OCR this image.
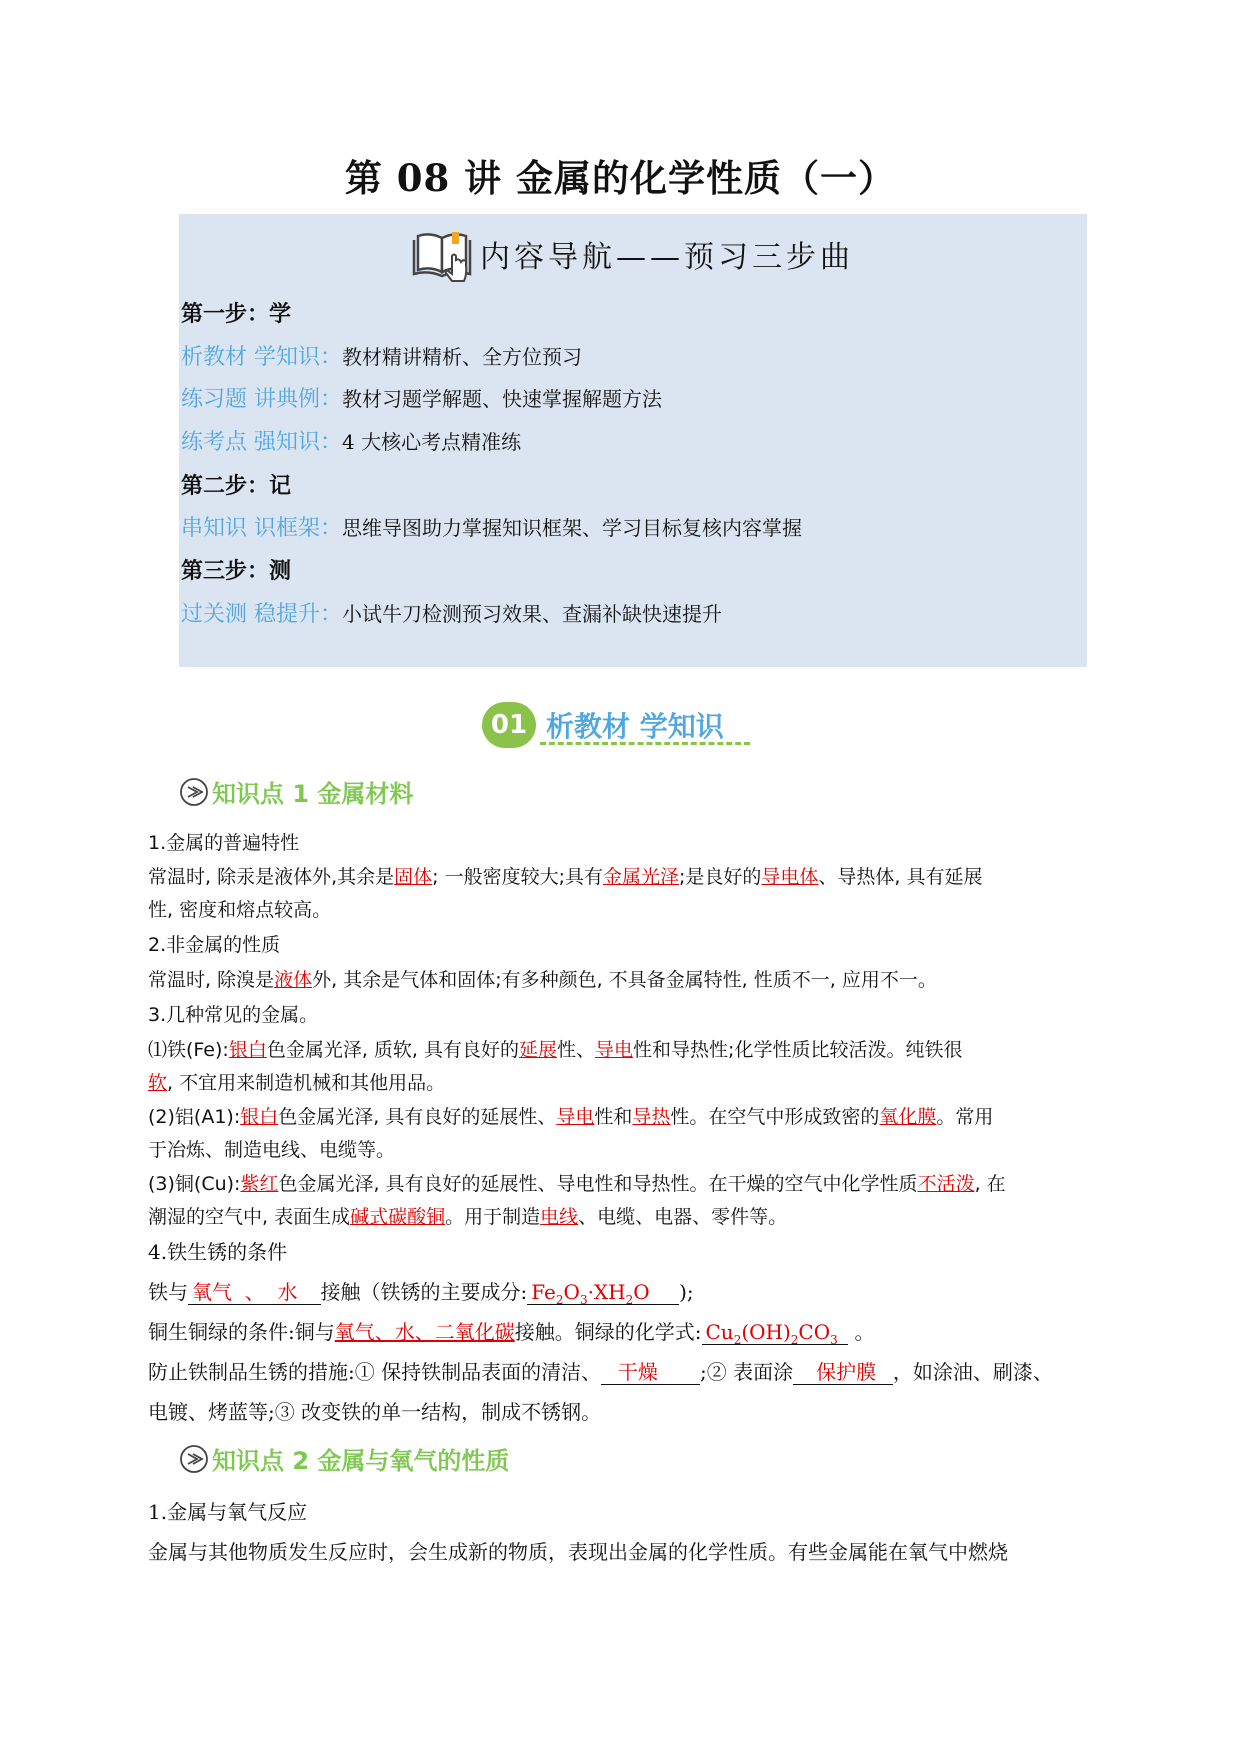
第 08 讲 金属的化学性质（一）
内容导航——预习三步曲
第一步：学
析教材 学知识：教材精讲精析、全方位预习
练习题 讲典例：教材习题学解题、快速掌握解题方法
练考点 强知识：4 大核心考点精准练
第二步：记
串知识 识框架：思维导图助力掌握知识框架、学习目标复核内容掌握
第三步：测
过关测 稳提升：小试牛刀检测预习效果、查漏补缺快速提升
01 析教材 学知识
知识点 1 金属材料
1.金属的普遍特性
常温时, 除汞是液体外,其余是固体; 一般密度较大;具有金属光泽;是良好的导电体、导热体, 具有延展
性, 密度和熔点较高。
2.非金属的性质
常温时, 除溴是液体外, 其余是气体和固体;有多种颜色, 不具备金属特性, 性质不一, 应用不一。
3.几种常见的金属。
⑴铁(Fe):银白色金属光泽, 质软, 具有良好的延展性、导电性和导热性;化学性质比较活泼。纯铁很
软, 不宜用来制造机械和其他用品。
(2)铝(A1):银白色金属光泽, 具有良好的延展性、导电性和导热性。在空气中形成致密的氧化膜。常用
于冶炼、制造电线、电缆等。
(3)铜(Cu):紫红色金属光泽, 具有良好的延展性、导电性和导热性。在干燥的空气中化学性质不活泼, 在
潮湿的空气中, 表面生成碱式碳酸铜。用于制造电线、电缆、电器、零件等。
4.铁生锈的条件
铁与 氧气 、 水 接触（铁锈的主要成分: $Fe_2O_3\cdot XH_2O$ );
铜生铜绿的条件:铜与氧气、水、二氧化碳接触。铜绿的化学式: $Cu_2(OH)_2CO_3$ 。
防止铁制品生锈的措施:① 保持铁制品表面的清洁、 干燥 ;② 表面涂 保护膜 ，如涂油、刷漆、
电镀、烤蓝等;③ 改变铁的单一结构，制成不锈钢。
知识点 2 金属与氧气的性质
1.金属与氧气反应
金属与其他物质发生反应时，会生成新的物质，表现出金属的化学性质。有些金属能在氧气中燃烧
